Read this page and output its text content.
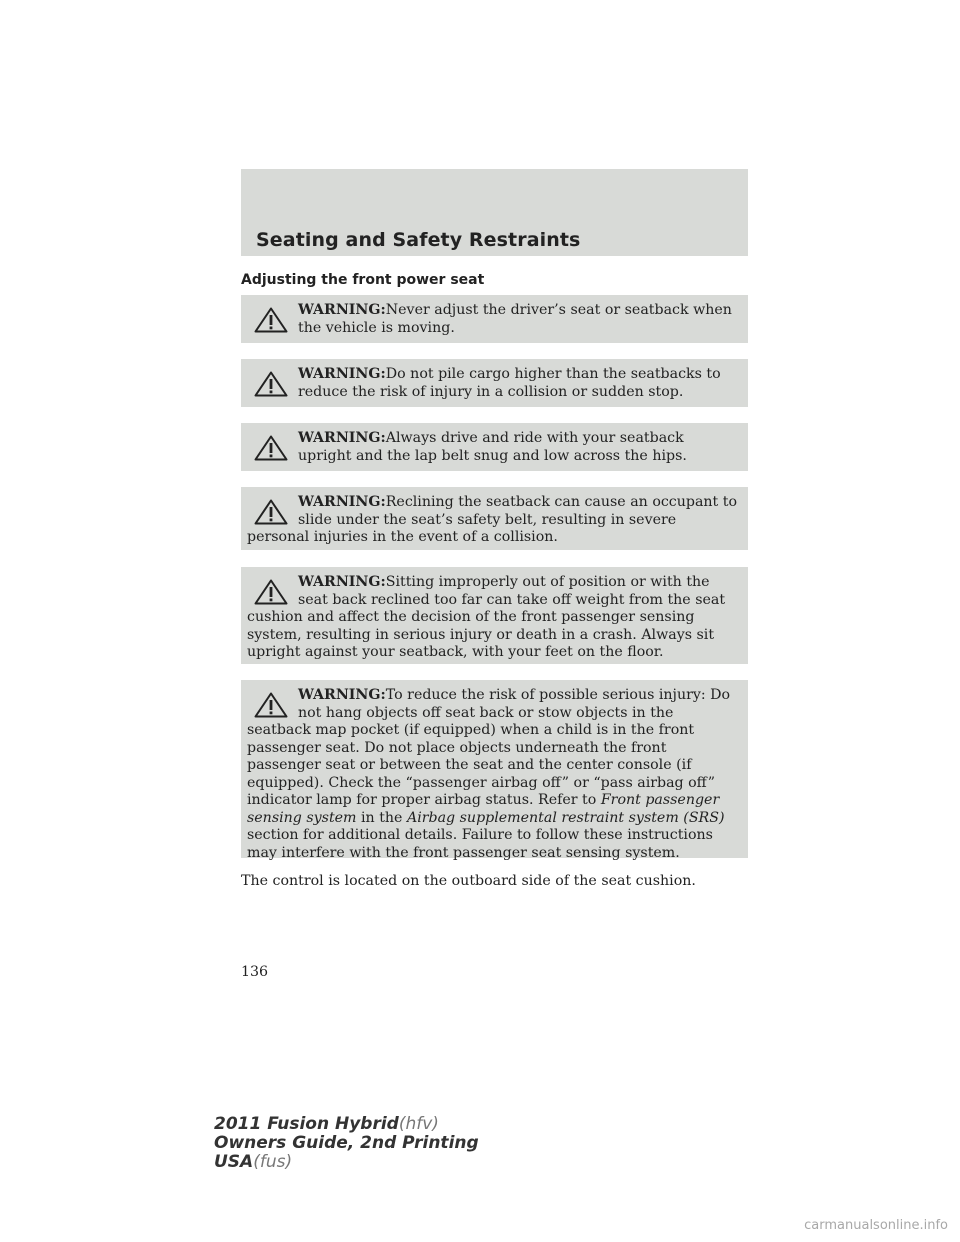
Seating and Safety Restraints
Adjusting the front power seat
WARNING:Never adjust the driver’s seat or seatback when the vehicle is moving.
WARNING:Do not pile cargo higher than the seatbacks to reduce the risk of injury in a collision or sudden stop.
WARNING:Always drive and ride with your seatback upright and the lap belt snug and low across the hips.
WARNING:Reclining the seatback can cause an occupant to slide under the seat’s safety belt, resulting in severe personal injuries in the event of a collision.
WARNING:Sitting improperly out of position or with the seat back reclined too far can take off weight from the seat cushion and affect the decision of the front passenger sensing system, resulting in serious injury or death in a crash. Always sit upright against your seatback, with your feet on the floor.
WARNING:To reduce the risk of possible serious injury: Do not hang objects off seat back or stow objects in the seatback map pocket (if equipped) when a child is in the front passenger seat. Do not place objects underneath the front passenger seat or between the seat and the center console (if equipped). Check the “passenger airbag off” or “pass airbag off” indicator lamp for proper airbag status. Refer to Front passenger sensing system in the Airbag supplemental restraint system (SRS) section for additional details. Failure to follow these instructions may interfere with the front passenger seat sensing system.
The control is located on the outboard side of the seat cushion.
136
2011 Fusion Hybrid(hfv)
Owners Guide, 2nd Printing
USA(fus)
carmanualsonline.info
